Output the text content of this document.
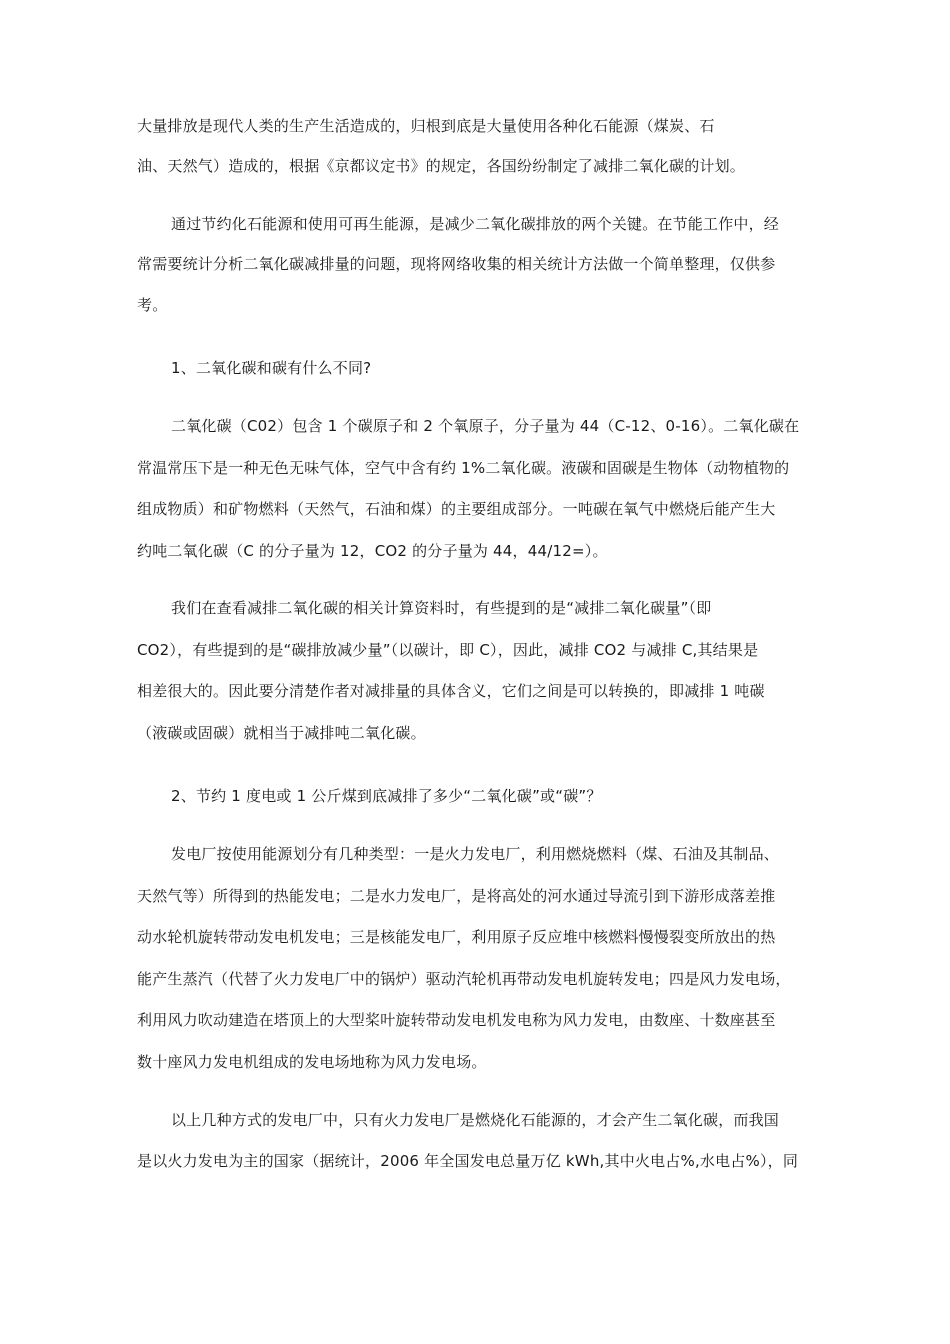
大量排放是现代人类的生产生活造成的，归根到底是大量使用各种化石能源（煤炭、石

油、天然气）造成的，根据《京都议定书》的规定，各国纷纷制定了减排二氧化碳的计划。

通过节约化石能源和使用可再生能源，是减少二氧化碳排放的两个关键。在节能工作中，经

常需要统计分析二氧化碳减排量的问题，现将网络收集的相关统计方法做一个简单整理，仅供参

考。

1、二氧化碳和碳有什么不同?

二氧化碳（C02）包含 1 个碳原子和 2 个氧原子，分子量为 44（C-12、0-16）。二氧化碳在

常温常压下是一种无色无味气体，空气中含有约 1%二氧化碳。液碳和固碳是生物体（动物植物的

组成物质）和矿物燃料（天然气，石油和煤）的主要组成部分。一吨碳在氧气中燃烧后能产生大

约吨二氧化碳（C 的分子量为 12，CO2 的分子量为 44，44/12=）。

我们在查看减排二氧化碳的相关计算资料时，有些提到的是“减排二氧化碳量”（即

CO2），有些提到的是“碳排放减少量”（以碳计，即 C），因此，减排 CO2 与减排 C,其结果是

相差很大的。因此要分清楚作者对减排量的具体含义，它们之间是可以转换的，即减排 1 吨碳

（液碳或固碳）就相当于减排吨二氧化碳。

2、节约 1 度电或 1 公斤煤到底减排了多少“二氧化碳”或“碳”？

发电厂按使用能源划分有几种类型：一是火力发电厂，利用燃烧燃料（煤、石油及其制品、

天然气等）所得到的热能发电；二是水力发电厂，是将高处的河水通过导流引到下游形成落差推

动水轮机旋转带动发电机发电；三是核能发电厂，利用原子反应堆中核燃料慢慢裂变所放出的热

能产生蒸汽（代替了火力发电厂中的锅炉）驱动汽轮机再带动发电机旋转发电；四是风力发电场，

利用风力吹动建造在塔顶上的大型桨叶旋转带动发电机发电称为风力发电，由数座、十数座甚至

数十座风力发电机组成的发电场地称为风力发电场。

以上几种方式的发电厂中，只有火力发电厂是燃烧化石能源的，才会产生二氧化碳，而我国

是以火力发电为主的国家（据统计，2006 年全国发电总量万亿 kWh,其中火电占%,水电占%），同
